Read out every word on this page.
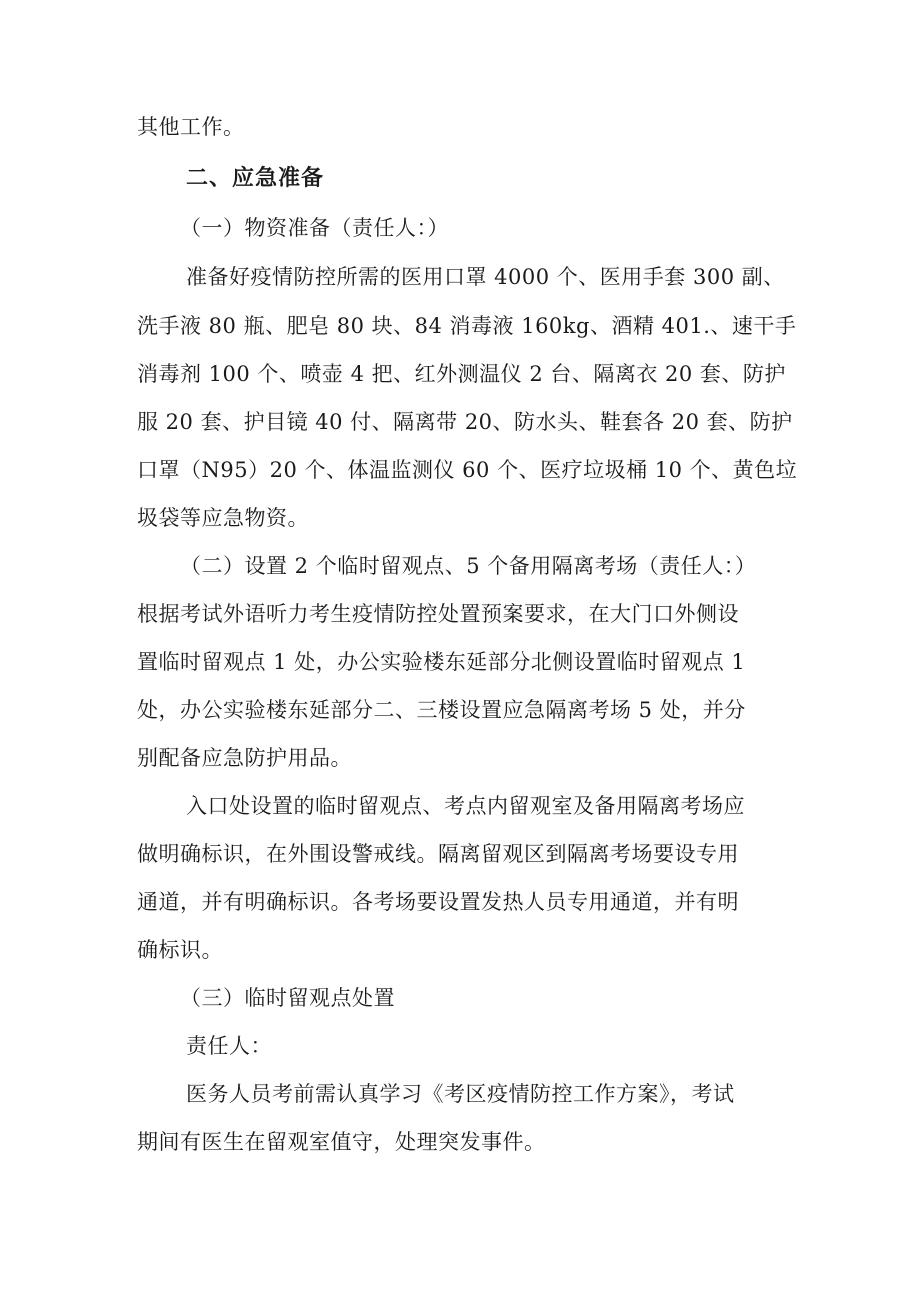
其他工作。
二、应急准备
（一）物资准备（责任人：）
准备好疫情防控所需的医用口罩 4000 个、医用手套 300 副、
洗手液 80 瓶、肥皂 80 块、84 消毒液 160kg、酒精 401.、速干手
消毒剂 100 个、喷壶 4 把、红外测温仪 2 台、隔离衣 20 套、防护
服 20 套、护目镜 40 付、隔离带 20、防水头、鞋套各 20 套、防护
口罩（N95）20 个、体温监测仪 60 个、医疗垃圾桶 10 个、黄色垃
圾袋等应急物资。
（二）设置 2 个临时留观点、5 个备用隔离考场（责任人：）
根据考试外语听力考生疫情防控处置预案要求，在大门口外侧设
置临时留观点 1 处，办公实验楼东延部分北侧设置临时留观点 1
处，办公实验楼东延部分二、三楼设置应急隔离考场 5 处，并分
别配备应急防护用品。
入口处设置的临时留观点、考点内留观室及备用隔离考场应
做明确标识，在外围设警戒线。隔离留观区到隔离考场要设专用
通道，并有明确标识。各考场要设置发热人员专用通道，并有明
确标识。
（三）临时留观点处置
责任人：
医务人员考前需认真学习《考区疫情防控工作方案》，考试
期间有医生在留观室值守，处理突发事件。
